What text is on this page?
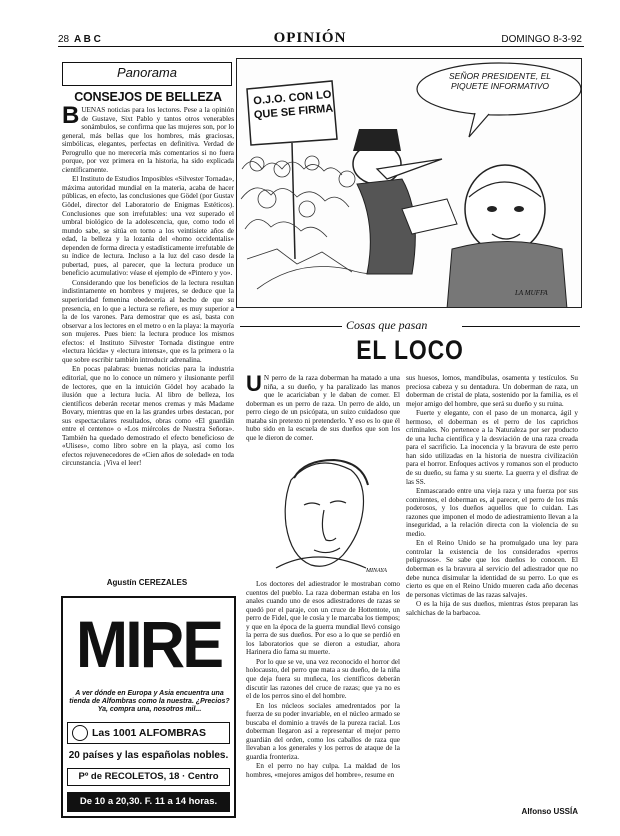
28 A B C	OPINIÓN	DOMINGO 8-3-92
Panorama
CONSEJOS DE BELLEZA

BUENAS noticias para los lectores. Pese a la opinión de Gustave, Sixt Pablo y tantos otros venerables sonámbulos, se confirma que las mujeres son, por lo general, más bellas que los hombres, más graciosas, simbólicas, elegantes, perfectas en definitiva. Verdad de Perogrullo que no merecería más comentarios si no fuera porque, por vez primera en la historia, ha sido explicada científicamente.

El Instituto de Estudios Imposibles «Silvester Tornada», máxima autoridad mundial en la materia, acaba de hacer públicas, en efecto, las conclusiones que Gödel (por Gustav Gödel, director del Laboratorio de Enigmas Estéticos). Conclusiones que son irrefutables: una vez superado el umbral biológico de la adolescencia, que, como todo el mundo sabe, se sitúa en torno a los veintisiete años de edad, la belleza y la lozanía del «homo occidentalis» dependen de forma directa y estadísticamente irrefutable de su índice de lectura. Incluso a la luz del caso desde la pubertad, pues, al parecer, que la lectura produce un beneficio acumulativo: véase el ejemplo de «Pintero y yo».

Considerando que los beneficios de la lectura resultan indistintamente en hombres y mujeres, se deduce que la superioridad femenina obedecería al hecho de que su presencia, en lo que a lectura se refiere, es muy superior a la de los varones. Para demostrar que es así, basta con observar a los lectores en el metro o en la playa: la mayoría son mujeres. Pues bien: la lectura produce los mismos efectos: el Instituto Silvester Tornada distingue entre «lectura lúcida» y «lectura intensa», que es la primera o la que sobre escribir también introducir adrenalina.

En pocas palabras: buenas noticias para la industria editorial, que no lo conoce un número y ilusionante perfil de lectores, que en la intuición Gödel hoy acabado la ilusión que a lectura lucia. Al libro de belleza, los científicos deberán recetar menos cremas y más Madame Bovary, mientras que en la las grandes urbes destacan, por sus espectaculares resultados, obras como «El guardián entre el centeno» o «Los miércoles de Nuestra Señora». También ha quedado demostrado el efecto beneficioso de «Ulises», como libro sobre en la playa, así como los efectos rejuvenecedores de «Cien años de soledad» en toda circunstancia. ¡Viva el leer!

Agustín CEREZALES
O.J.O. CON LO QUE SE FIRMA
SEÑOR PRESIDENTE, EL PIQUETE INFORMATIVO
LA MUFFA
Cosas que pasan
EL LOCO

U N perro de la raza doberman ha matado a una niña, a su dueño, y ha paralizado las manos que le acariciaban y le daban de comer. El doberman es un perro de raza. Un perro de aldo, un perro ciego de un psicópata, un suizo cuidadoso que mataba sin pretexto ni pretenderlo. Y eso es lo que él hubo sido en la escuela de sus dueños que son los que le dieron de comer.

MINAYA

Los doctores del adiestrador le mostraban como cuentos del pueblo. La raza doberman estaba en los anales cuando uno de esos adiestradores de razas se quedó por el paraje, con un cruce de Hottentote, un perro de Fidel, que le cosía y le marcaba los tiempos; y que en la época de la guerra mundial llevó consigo la perra de sus dueños. Por eso a lo que se perdió en los laboratorios que se dieron a estudiar, ahora Harinera dio fama su muerte.

Por lo que se ve, una vez reconocido el horror del holocausto, del perro que mata a su dueño, de la niña que deja fuera su muñeca, los científicos deberán discutir las razones del cruce de razas; que ya no es el de los perros sino el del hombre.

En los núcleos sociales amedrentados por la fuerza de su poder invariable, en el núcleo armado se buscaba el dominio a través de la pureza racial. Los doberman llegaron así a representar el mejor perro guardián del orden, como los caballos de raza que llevaban a los generales y los perros de ataque de la guardia fronteriza.

En el perro no hay culpa. La maldad de los hombres, «mejores amigos del hombre», resume en

sus huesos, lomos, mandíbulas, osamenta y testículos. Su preciosa cabeza y su dentadura. Un doberman de raza, un doberman de cristal de plata, sostenido por la familia, es el mejor amigo del hombre, que será su dueño y su ruina.

Fuerte y elegante, con el paso de un monarca, ágil y hermoso, el doberman es el perro de los caprichos criminales. No pertenece a la Naturaleza por ser producto de una lucha científica y la desviación de una raza creada para el sacrificio. La inocencia y la bravura de este perro han sido utilizadas en la historia de nuestra civilización para el horror. Enfoques activos y romanos son el producto de su dueño, su fama y su suerte. La guerra y el disfraz de las SS.

Enmascarado entre una vieja raza y una fuerza por sus comitentes, el doberman es, al parecer, el perro de los más poderosos, y los dueños aquellos que lo cuidan. Las razones que imponen el modo de adiestramiento llevan a la inseguridad, a la relación directa con la violencia de su medio.

En el Reino Unido se ha promulgado una ley para controlar la existencia de los considerados «perros peligrosos». Se sabe que los dueños lo conocen. El doberman es la bravura al servicio del adiestrador que no debe nunca disimular la identidad de su perro. Lo que es cierto es que en el Reino Unido mueren cada año decenas de personas víctimas de las razas salvajes.

O es la hija de sus dueños, mientras éstos preparan las salchichas de la barbacoa.

Alfonso USSÍA
MIRE
A ver dónde en Europa y Asia encuentra una tienda de Alfombras como la nuestra. ¿Precios? Ya, compra una, nosotros mil...
Las 1001 ALFOMBRAS
20 países y las españolas nobles.
Pº de RECOLETOS, 18 · Centro
De 10 a 20,30. F. 11 a 14 horas.
